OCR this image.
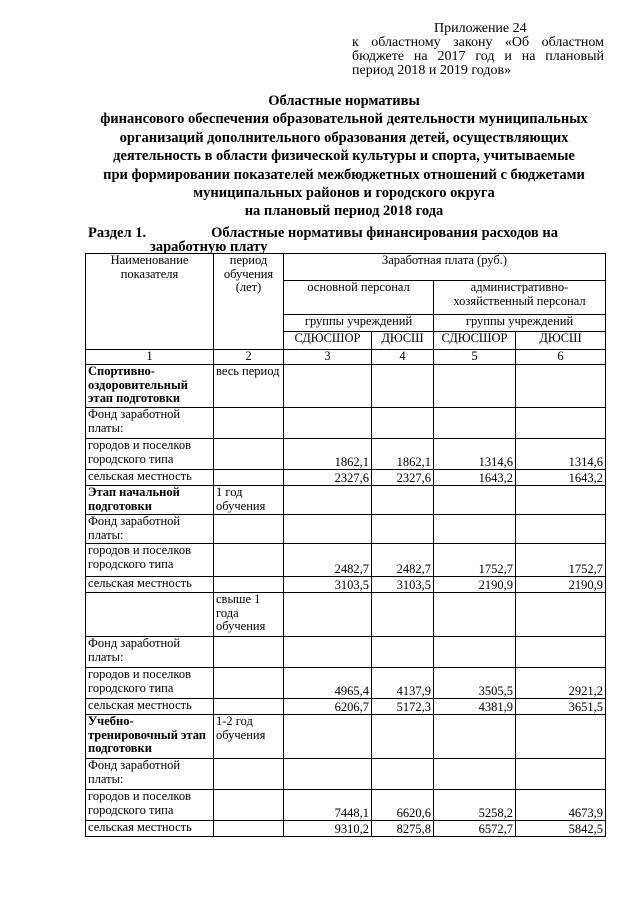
Приложение 24
к областному закону «Об областном
бюджете на 2017 год и на плановый
период 2018 и 2019 годов»
Областные нормативы
финансового обеспечения образовательной деятельности муниципальных
организаций дополнительного образования детей, осуществляющих
деятельность в области физической культуры и спорта, учитываемые
при формировании показателей межбюджетных отношений с бюджетами
муниципальных районов и городского округа
на плановый период 2018 года
Раздел 1.	Областные нормативы финансирования расходов на
заработную плату
Наименование показателя	период обучения (лет)	Заработная плата (руб.)			
		основной персонал		административно-хозяйственный персонал	
		группы учреждений		группы учреждений	
		СДЮСШОР	ДЮСШ	СДЮСШОР	ДЮСШ
1	2	3	4	5	6
Спортивно-оздоровительный этап подготовки	весь период				
Фонд заработной платы:					
городов и поселков городского типа		1862,1	1862,1	1314,6	1314,6
сельская местность		2327,6	2327,6	1643,2	1643,2
Этап начальной подготовки	1 год обучения				
Фонд заработной платы:					
городов и поселков городского типа		2482,7	2482,7	1752,7	1752,7
сельская местность		3103,5	3103,5	2190,9	2190,9
	свыше 1 года обучения				
Фонд заработной платы:					
городов и поселков городского типа		4965,4	4137,9	3505,5	2921,2
сельская местность		6206,7	5172,3	4381,9	3651,5
Учебно-тренировочный этап подготовки	1-2 год обучения				
Фонд заработной платы:					
городов и поселков городского типа		7448,1	6620,6	5258,2	4673,9
сельская местность		9310,2	8275,8	6572,7	5842,5
